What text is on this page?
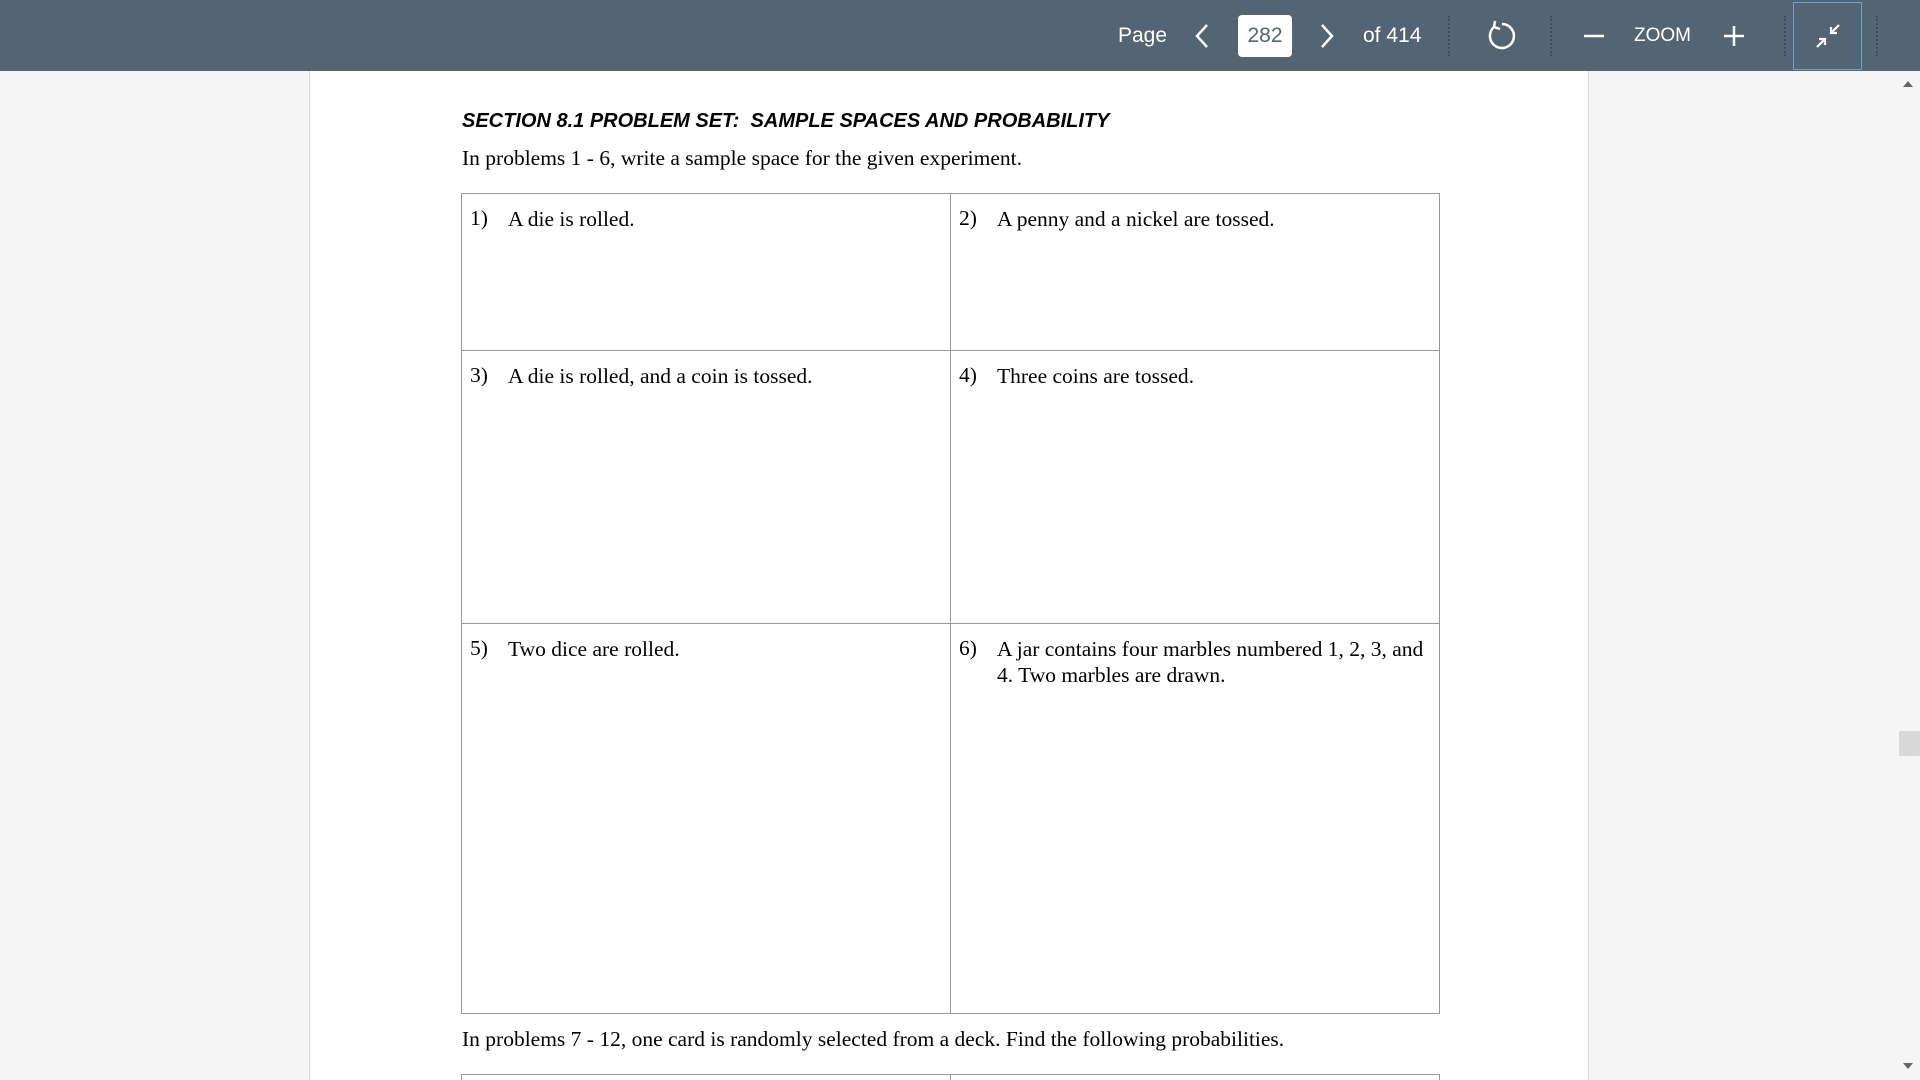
Page
282	of 414	ZOOM
SECTION 8.1 PROBLEM SET:  SAMPLE SPACES AND PROBABILITY
In problems 1 - 6, write a sample space for the given experiment.
1) A die is rolled.	2) A penny and a nickel are tossed.

3) A die is rolled, and a coin is tossed.	4) Three coins are tossed.

5) Two dice are rolled.	6) A jar contains four marbles numbered 1, 2, 3, and 4. Two marbles are drawn.
In problems 7 - 12, one card is randomly selected from a deck. Find the following probabilities.
